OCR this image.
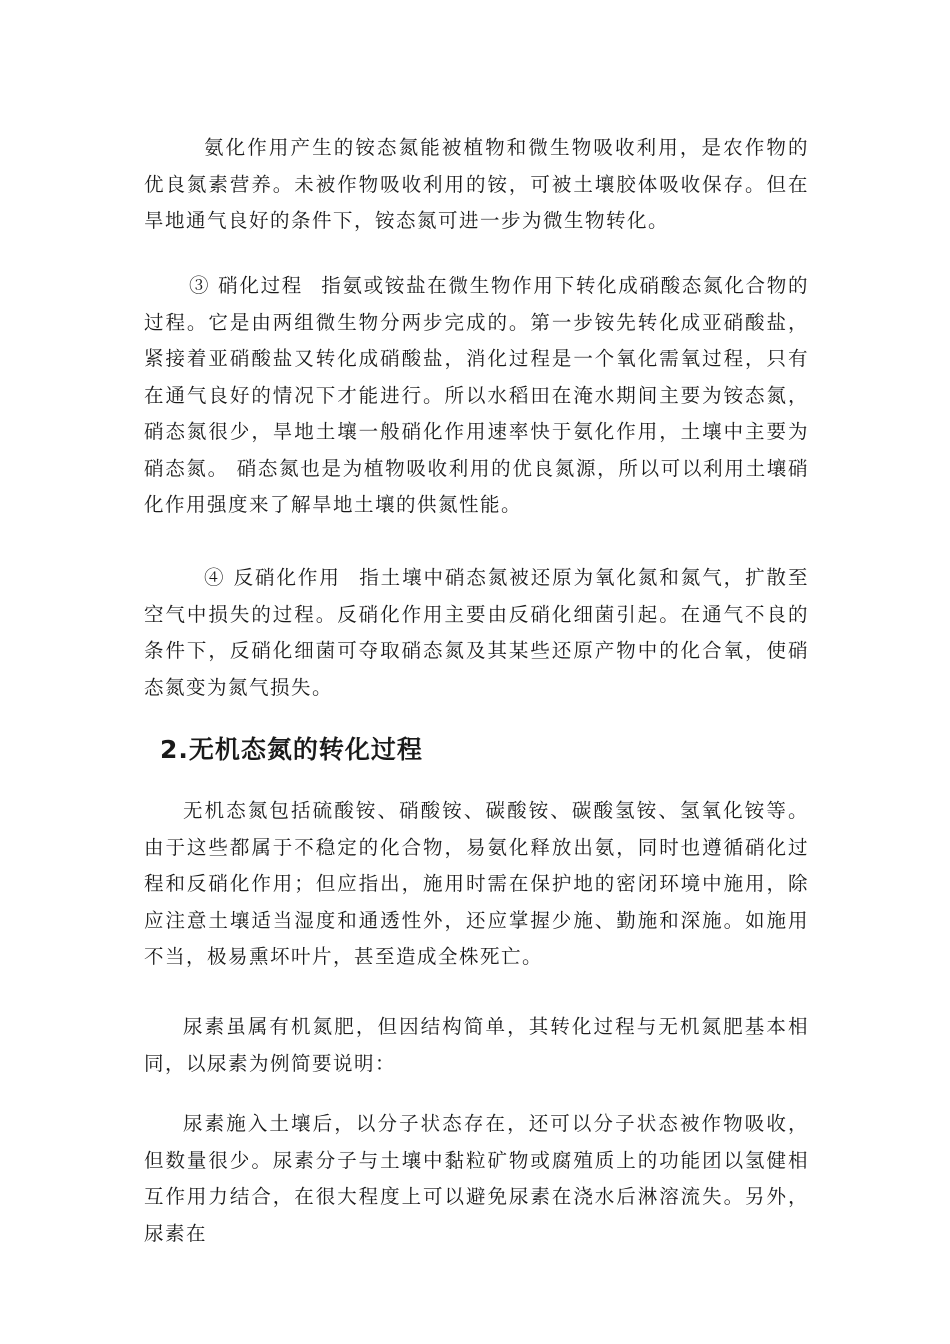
氨化作用产生的铵态氮能被植物和微生物吸收利用，是农作物的优良氮素营养。未被作物吸收利用的铵，可被土壤胶体吸收保存。但在旱地通气良好的条件下，铵态氮可进一步为微生物转化。

③ 硝化过程 指氨或铵盐在微生物作用下转化成硝酸态氮化合物的过程。它是由两组微生物分两步完成的。第一步铵先转化成亚硝酸盐，紧接着亚硝酸盐又转化成硝酸盐，消化过程是一个氧化需氧过程，只有在通气良好的情况下才能进行。所以水稻田在淹水期间主要为铵态氮，硝态氮很少，旱地土壤一般硝化作用速率快于氨化作用，土壤中主要为硝态氮。 硝态氮也是为植物吸收利用的优良氮源，所以可以利用土壤硝化作用强度来了解旱地土壤的供氮性能。

④ 反硝化作用 指土壤中硝态氮被还原为氧化氮和氮气，扩散至空气中损失的过程。反硝化作用主要由反硝化细菌引起。在通气不良的条件下，反硝化细菌可夺取硝态氮及其某些还原产物中的化合氧，使硝态氮变为氮气损失。

2.无机态氮的转化过程

无机态氮包括硫酸铵、硝酸铵、碳酸铵、碳酸氢铵、氢氧化铵等。由于这些都属于不稳定的化合物，易氨化释放出氨，同时也遵循硝化过程和反硝化作用；但应指出，施用时需在保护地的密闭环境中施用，除应注意土壤适当湿度和通透性外，还应掌握少施、勤施和深施。如施用不当，极易熏坏叶片，甚至造成全株死亡。

尿素虽属有机氮肥，但因结构简单，其转化过程与无机氮肥基本相同，以尿素为例简要说明：

尿素施入土壤后，以分子状态存在，还可以分子状态被作物吸收，但数量很少。尿素分子与土壤中黏粒矿物或腐殖质上的功能团以氢健相互作用力结合，在很大程度上可以避免尿素在浇水后淋溶流失。另外，尿素在
